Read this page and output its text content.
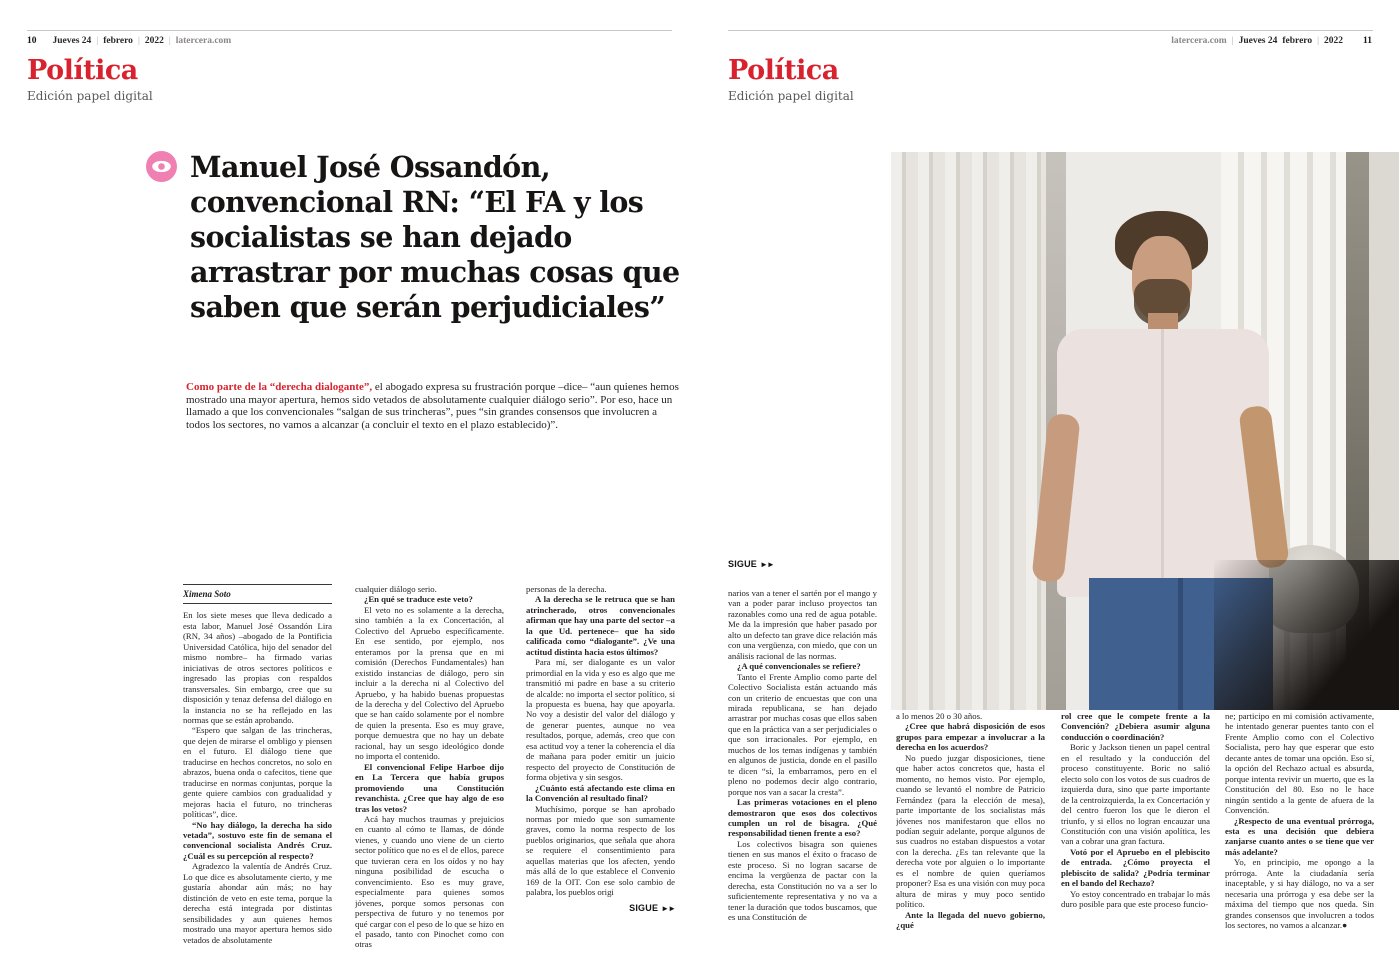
10 Jueves 24 | febrero | 2022 | latercera.com
Política
Edición papel digital
Manuel José Ossandón, convencional RN: “El FA y los socialistas se han dejado arrastrar por muchas cosas que saben que serán perjudiciales”

Como parte de la “derecha dialogante”, el abogado expresa su frustración porque –dice– “aun quienes hemos mostrado una mayor apertura, hemos sido vetados de absolutamente cualquier diálogo serio”. Por eso, hace un llamado a que los convencionales “salgan de sus trincheras”, pues “sin grandes consensos que involucren a todos los sectores, no vamos a alcanzar (a concluir el texto en el plazo establecido)”.

Ximena Soto

En los siete meses que lleva dedicado a esta labor, Manuel José Ossandón Lira (RN, 34 años) –abogado de la Pontificia Universidad Católica, hijo del senador del mismo nombre– ha firmado varias iniciativas de otros sectores políticos e ingresado las propias con respaldos transversales. Sin embargo, cree que su disposición y tenaz defensa del diálogo en la instancia no se ha reflejado en las normas que se están aprobando.

“Espero que salgan de las trincheras, que dejen de mirarse el ombligo y piensen en el futuro. El diálogo tiene que traducirse en hechos concretos, no solo en abrazos, buena onda o cafecitos, tiene que traducirse en normas conjuntas, porque la gente quiere cambios con gradualidad y mejoras hacia el futuro, no trincheras políticas”, dice.

“No hay diálogo, la derecha ha sido vetada”, sostuvo este fin de semana el convencional socialista Andrés Cruz. ¿Cuál es su percepción al respecto?

Agradezco la valentía de Andrés Cruz. Lo que dice es absolutamente cierto, y me gustaría ahondar aún más; no hay distinción de veto en este tema, porque la derecha está integrada por distintas sensibilidades y aun quienes hemos mostrado una mayor apertura hemos sido vetados de absolutamente

cualquier diálogo serio.

¿En qué se traduce este veto?

El veto no es solamente a la derecha, sino también a la ex Concertación, al Colectivo del Apruebo específicamente. En ese sentido, por ejemplo, nos enteramos por la prensa que en mi comisión (Derechos Fundamentales) han existido instancias de diálogo, pero sin incluir a la derecha ni al Colectivo del Apruebo, y ha habido buenas propuestas de la derecha y del Colectivo del Apruebo que se han caído solamente por el nombre de quien la presenta. Eso es muy grave, porque demuestra que no hay un debate racional, hay un sesgo ideológico donde no importa el contenido.

El convencional Felipe Harboe dijo en La Tercera que había grupos promoviendo una Constitución revanchista. ¿Cree que hay algo de eso tras los vetos?

Acá hay muchos traumas y prejuicios en cuanto al cómo te llamas, de dónde vienes, y cuando uno viene de un cierto sector político que no es el de ellos, parece que tuvieran cera en los oídos y no hay ninguna posibilidad de escucha o convencimiento. Eso es muy grave, especialmente para quienes somos jóvenes, porque somos personas con perspectiva de futuro y no tenemos por qué cargar con el peso de lo que se hizo en el pasado, tanto con Pinochet como con otras

personas de la derecha.

A la derecha se le retruca que se han atrincherado, otros convencionales afirman que hay una parte del sector –a la que Ud. pertenece– que ha sido calificada como “dialogante”. ¿Ve una actitud distinta hacia estos últimos?

Para mí, ser dialogante es un valor primordial en la vida y eso es algo que me transmitió mi padre en base a su criterio de alcalde: no importa el sector político, si la propuesta es buena, hay que apoyarla. No voy a desistir del valor del diálogo y de generar puentes, aunque no vea resultados, porque, además, creo que con esa actitud voy a tener la coherencia el día de mañana para poder emitir un juicio respecto del proyecto de Constitución de forma objetiva y sin sesgos.

¿Cuánto está afectando este clima en la Convención al resultado final?

Muchísimo, porque se han aprobado normas por miedo que son sumamente graves, como la norma respecto de los pueblos originarios, que señala que ahora se requiere el consentimiento para aquellas materias que los afecten, yendo más allá de lo que establece el Convenio 169 de la OIT. Con ese solo cambio de palabra, los pueblos origi

SIGUE ►►
latercera.com | Jueves 24 febrero | 2022 11
Política
Edición papel digital
SIGUE ►►

narios van a tener el sartén por el mango y van a poder parar incluso proyectos tan razonables como una red de agua potable. Me da la impresión que haber pasado por alto un defecto tan grave dice relación más con una vergüenza, con miedo, que con un análisis racional de las normas.

¿A qué convencionales se refiere?

Tanto el Frente Amplio como parte del Colectivo Socialista están actuando más con un criterio de encuestas que con una mirada republicana, se han dejado arrastrar por muchas cosas que ellos saben que en la práctica van a ser perjudiciales o que son irracionales. Por ejemplo, en muchos de los temas indígenas y también en algunos de justicia, donde en el pasillo te dicen “sí, la embarramos, pero en el pleno no podemos decir algo contrario, porque nos van a sacar la cresta”.

Las primeras votaciones en el pleno demostraron que esos dos colectivos cumplen un rol de bisagra. ¿Qué responsabilidad tienen frente a eso?

Los colectivos bisagra son quienes tienen en sus manos el éxito o fracaso de este proceso. Si no logran sacarse de encima la vergüenza de pactar con la derecha, esta Constitución no va a ser lo suficientemente representativa y no va a tener la duración que todos buscamos, que es una Constitución de

a lo menos 20 o 30 años.

¿Cree que habrá disposición de esos grupos para empezar a involucrar a la derecha en los acuerdos?

No puedo juzgar disposiciones, tiene que haber actos concretos que, hasta el momento, no hemos visto. Por ejemplo, cuando se levantó el nombre de Patricio Fernández (para la elección de mesa), parte importante de los socialistas más jóvenes nos manifestaron que ellos no podían seguir adelante, porque algunos de sus cuadros no estaban dispuestos a votar con la derecha. ¿Es tan relevante que la derecha vote por alguien o lo importante es el nombre de quien queríamos proponer? Esa es una visión con muy poca altura de miras y muy poco sentido político.

Ante la llegada del nuevo gobierno, ¿qué

rol cree que le compete frente a la Convención? ¿Debiera asumir alguna conducción o coordinación?

Boric y Jackson tienen un papel central en el resultado y la conducción del proceso constituyente. Boric no salió electo solo con los votos de sus cuadros de izquierda dura, sino que parte importante de la centroizquierda, la ex Concertación y del centro fueron los que le dieron el triunfo, y si ellos no logran encauzar una Constitución con una visión apolítica, les van a cobrar una gran factura.

Votó por el Apruebo en el plebiscito de entrada. ¿Cómo proyecta el plebiscito de salida? ¿Podría terminar en el bando del Rechazo?

Yo estoy concentrado en trabajar lo más duro posible para que este proceso funcio-

ne; participo en mi comisión activamente, he intentado generar puentes tanto con el Frente Amplio como con el Colectivo Socialista, pero hay que esperar que esto decante antes de tomar una opción. Eso sí, la opción del Rechazo actual es absurda, porque intenta revivir un muerto, que es la Constitución del 80. Eso no le hace ningún sentido a la gente de afuera de la Convención.

¿Respecto de una eventual prórroga, esta es una decisión que debiera zanjarse cuanto antes o se tiene que ver más adelante?

Yo, en principio, me opongo a la prórroga. Ante la ciudadanía sería inaceptable, y si hay diálogo, no va a ser necesaria una prórroga y esa debe ser la máxima del tiempo que nos queda. Sin grandes consensos que involucren a todos los sectores, no vamos a alcanzar.●
